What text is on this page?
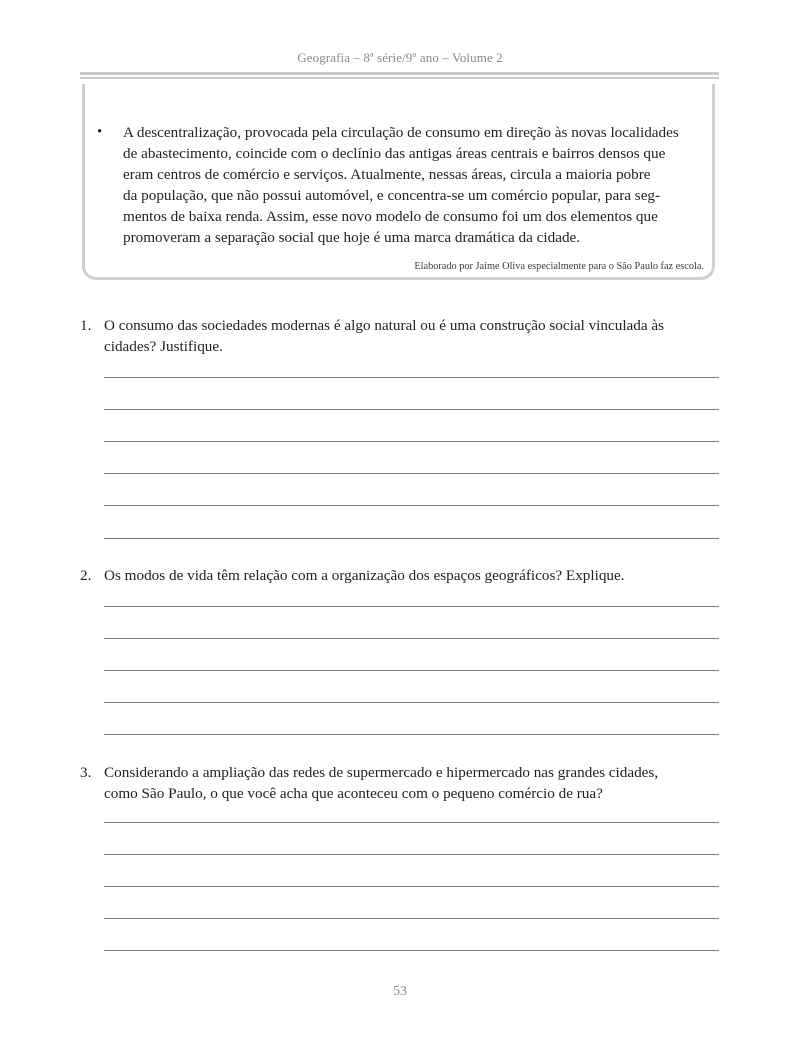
Geografia – 8ª série/9º ano – Volume 2
• A descentralização, provocada pela circulação de consumo em direção às novas localidades
de abastecimento, coincide com o declínio das antigas áreas centrais e bairros densos que
eram centros de comércio e serviços. Atualmente, nessas áreas, circula a maioria pobre
da população, que não possui automóvel, e concentra-se um comércio popular, para seg-
mentos de baixa renda. Assim, esse novo modelo de consumo foi um dos elementos que
promoveram a separação social que hoje é uma marca dramática da cidade.
Elaborado por Jaime Oliva especialmente para o São Paulo faz escola.
1. O consumo das sociedades modernas é algo natural ou é uma construção social vinculada às
cidades? Justifique.
2. Os modos de vida têm relação com a organização dos espaços geográficos? Explique.
3. Considerando a ampliação das redes de supermercado e hipermercado nas grandes cidades,
como São Paulo, o que você acha que aconteceu com o pequeno comércio de rua?
53
